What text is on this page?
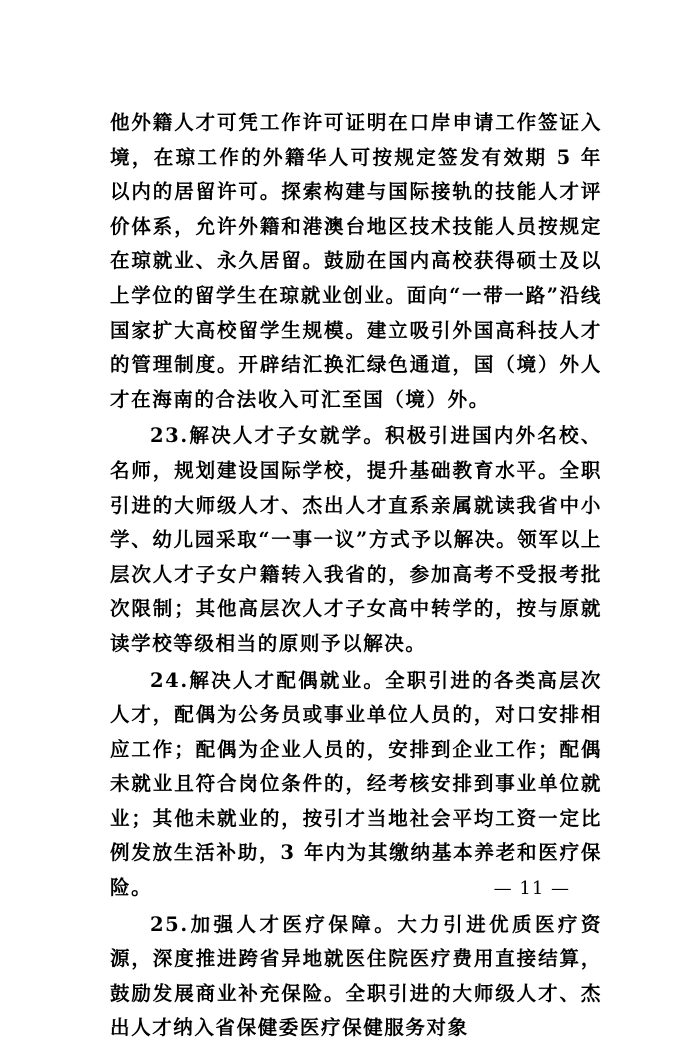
他外籍人才可凭工作许可证明在口岸申请工作签证入境，在琼工作的外籍华人可按规定签发有效期 5 年以内的居留许可。探索构建与国际接轨的技能人才评价体系，允许外籍和港澳台地区技术技能人员按规定在琼就业、永久居留。鼓励在国内高校获得硕士及以上学位的留学生在琼就业创业。面向“一带一路”沿线国家扩大高校留学生规模。建立吸引外国高科技人才的管理制度。开辟结汇换汇绿色通道，国（境）外人才在海南的合法收入可汇至国（境）外。

23.解决人才子女就学。积极引进国内外名校、名师，规划建设国际学校，提升基础教育水平。全职引进的大师级人才、杰出人才直系亲属就读我省中小学、幼儿园采取“一事一议”方式予以解决。领军以上层次人才子女户籍转入我省的，参加高考不受报考批次限制；其他高层次人才子女高中转学的，按与原就读学校等级相当的原则予以解决。

24.解决人才配偶就业。全职引进的各类高层次人才，配偶为公务员或事业单位人员的，对口安排相应工作；配偶为企业人员的，安排到企业工作；配偶未就业且符合岗位条件的，经考核安排到事业单位就业；其他未就业的，按引才当地社会平均工资一定比例发放生活补助，3 年内为其缴纳基本养老和医疗保险。

25.加强人才医疗保障。大力引进优质医疗资源，深度推进跨省异地就医住院医疗费用直接结算，鼓励发展商业补充保险。全职引进的大师级人才、杰出人才纳入省保健委医疗保健服务对象

— 11 —
